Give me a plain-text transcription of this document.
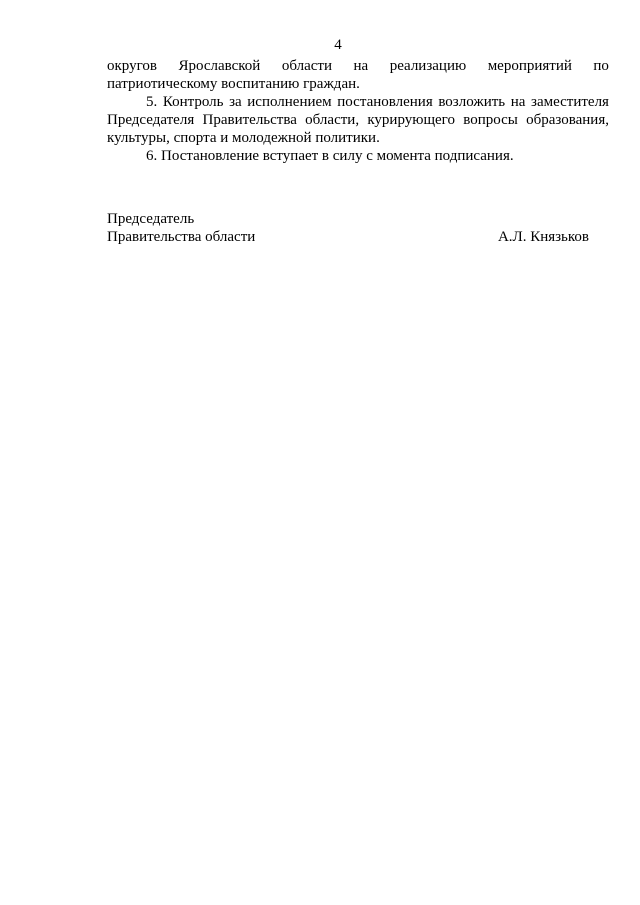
4
округов Ярославской области на реализацию мероприятий по
патриотическому воспитанию граждан.
5. Контроль за исполнением постановления возложить на заместителя
Председателя Правительства области, курирующего вопросы образования,
культуры, спорта и молодежной политики.
6. Постановление вступает в силу с момента подписания.
Председатель
Правительства области	А.Л. Князьков
